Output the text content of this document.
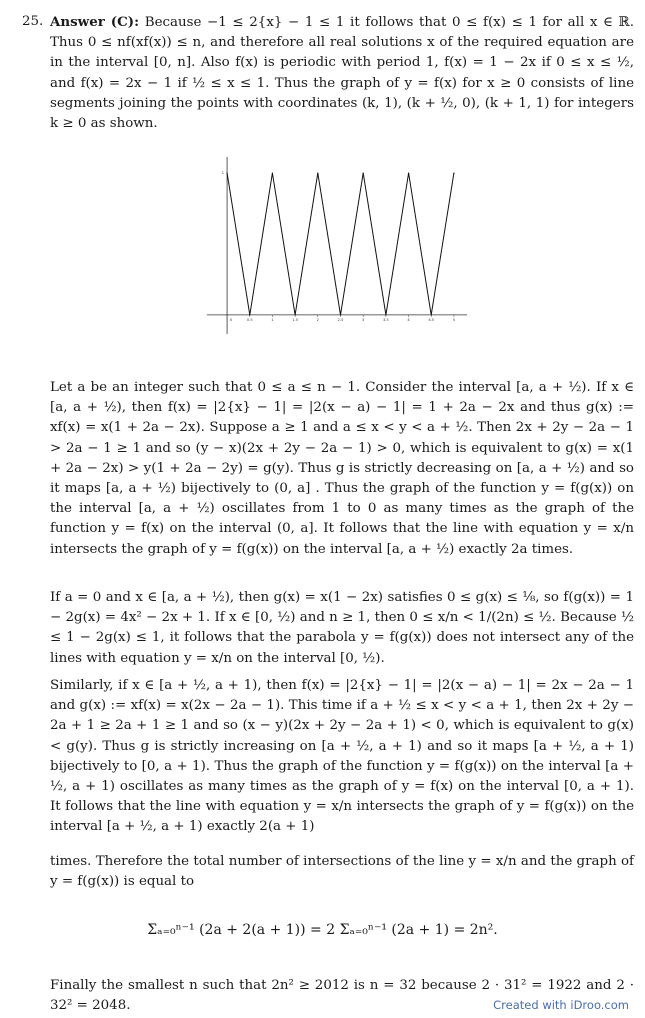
25. Answer (C): Because −1 ≤ 2{x} − 1 ≤ 1 it follows that 0 ≤ f(x) ≤ 1 for all x ∈ ℝ. Thus 0 ≤ nf(xf(x)) ≤ n, and therefore all real solutions x of the required equation are in the interval [0, n]. Also f(x) is periodic with period 1, f(x) = 1 − 2x if 0 ≤ x ≤ ½, and f(x) = 2x − 1 if ½ ≤ x ≤ 1. Thus the graph of y = f(x) for x ≥ 0 consists of line segments joining the points with coordinates (k, 1), (k + ½, 0), (k + 1, 1) for integers k ≥ 0 as shown.

0	0.5	1	1.5	2	2.5	3	3.5	4	4.5	5
1

Let a be an integer such that 0 ≤ a ≤ n − 1. Consider the interval [a, a + ½). If x ∈ [a, a + ½), then f(x) = |2{x} − 1| = |2(x − a) − 1| = 1 + 2a − 2x and thus g(x) := xf(x) = x(1 + 2a − 2x). Suppose a ≥ 1 and a ≤ x < y < a + ½. Then 2x + 2y − 2a − 1 > 2a − 1 ≥ 1 and so (y − x)(2x + 2y − 2a − 1) > 0, which is equivalent to g(x) = x(1 + 2a − 2x) > y(1 + 2a − 2y) = g(y). Thus g is strictly decreasing on [a, a + ½) and so it maps [a, a + ½) bijectively to (0, a] . Thus the graph of the function y = f(g(x)) on the interval [a, a + ½) oscillates from 1 to 0 as many times as the graph of the function y = f(x) on the interval (0, a]. It follows that the line with equation y = x/n intersects the graph of y = f(g(x)) on the interval [a, a + ½) exactly 2a times.

If a = 0 and x ∈ [a, a + ½), then g(x) = x(1 − 2x) satisfies 0 ≤ g(x) ≤ ⅛, so f(g(x)) = 1 − 2g(x) = 4x² − 2x + 1. If x ∈ [0, ½) and n ≥ 1, then 0 ≤ x/n < 1/(2n) ≤ ½. Because ½ ≤ 1 − 2g(x) ≤ 1, it follows that the parabola y = f(g(x)) does not intersect any of the lines with equation y = x/n on the interval [0, ½).

Similarly, if x ∈ [a + ½, a + 1), then f(x) = |2{x} − 1| = |2(x − a) − 1| = 2x − 2a − 1 and g(x) := xf(x) = x(2x − 2a − 1). This time if a + ½ ≤ x < y < a + 1, then 2x + 2y − 2a + 1 ≥ 2a + 1 ≥ 1 and so (x − y)(2x + 2y − 2a + 1) < 0, which is equivalent to g(x) < g(y). Thus g is strictly increasing on [a + ½, a + 1) and so it maps [a + ½, a + 1) bijectively to [0, a + 1). Thus the graph of the function y = f(g(x)) on the interval [a + ½, a + 1) oscillates as many times as the graph of y = f(x) on the interval [0, a + 1). It follows that the line with equation y = x/n intersects the graph of y = f(g(x)) on the interval [a + ½, a + 1) exactly 2(a + 1)

times. Therefore the total number of intersections of the line y = x/n and the graph of y = f(g(x)) is equal to

Σₐ₌₀ⁿ⁻¹ (2a + 2(a + 1)) = 2 Σₐ₌₀ⁿ⁻¹ (2a + 1) = 2n².

Finally the smallest n such that 2n² ≥ 2012 is n = 32 because 2 · 31² = 1922 and 2 · 32² = 2048.	Created with iDroo.com
